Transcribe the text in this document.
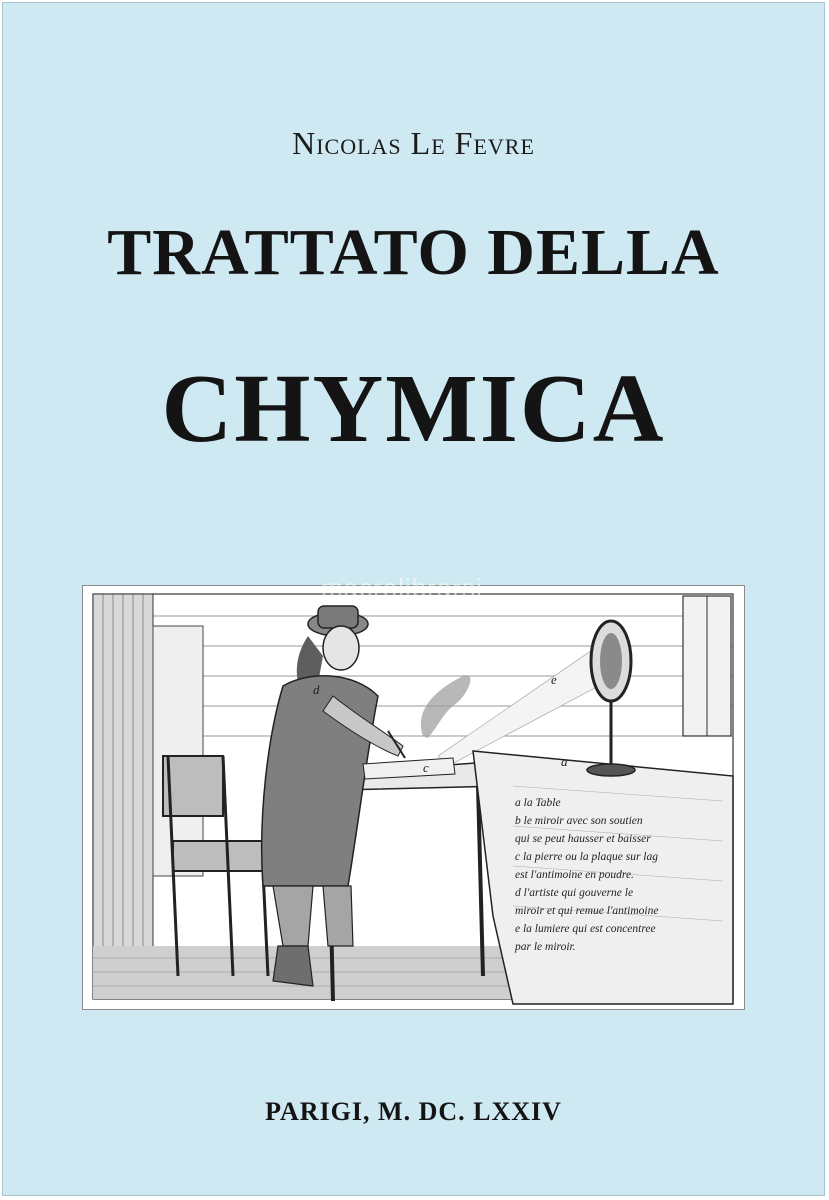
Nicolas Le Fevre
TRATTATO DELLA
CHYMICA
d
c
e
a
a la Table
b le miroir avec son soutien
qui se peut hausser et baisser
c la pierre ou la plaque sur lag
est l'antimoine en poudre.
d l'artiste qui gouverne le
miroir et qui remue l'antimoine
e la lumiere qui est concentree
par le miroir.
macrolibrarsi
PARIGI, M. DC. LXXIV
